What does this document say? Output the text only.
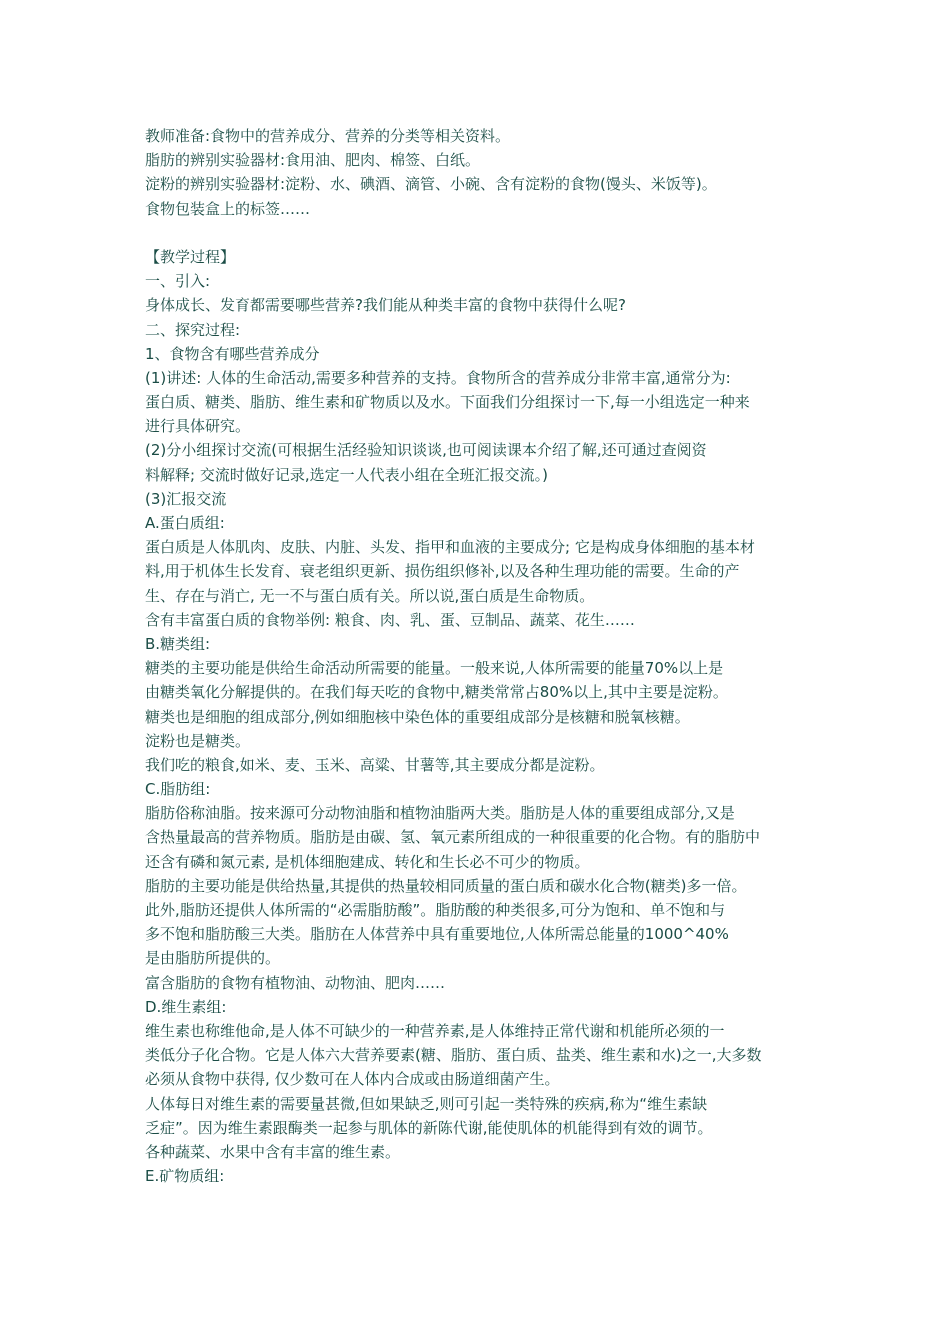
教师准备:食物中的营养成分、营养的分类等相关资料。
脂肪的辨别实验器材:食用油、肥肉、棉签、白纸。
淀粉的辨别实验器材:淀粉、水、碘酒、滴管、小碗、含有淀粉的食物(馒头、米饭等)。
食物包装盒上的标签……
【教学过程】
一、引入:
身体成长、发育都需要哪些营养?我们能从种类丰富的食物中获得什么呢?
二、探究过程:
1、食物含有哪些营养成分
(1)讲述: 人体的生命活动,需要多种营养的支持。食物所含的营养成分非常丰富,通常分为:
蛋白质、糖类、脂肪、维生素和矿物质以及水。下面我们分组探讨一下,每一小组选定一种来
进行具体研究。
(2)分小组探讨交流(可根据生活经验知识谈谈,也可阅读课本介绍了解,还可通过查阅资
料解释; 交流时做好记录,选定一人代表小组在全班汇报交流。)
(3)汇报交流
A.蛋白质组:
蛋白质是人体肌肉、皮肤、内脏、头发、指甲和血液的主要成分; 它是构成身体细胞的基本材
料,用于机体生长发育、衰老组织更新、损伤组织修补,以及各种生理功能的需要。生命的产
生、存在与消亡, 无一不与蛋白质有关。所以说,蛋白质是生命物质。
含有丰富蛋白质的食物举例: 粮食、肉、乳、蛋、豆制品、蔬菜、花生……
B.糖类组:
糖类的主要功能是供给生命活动所需要的能量。一般来说,人体所需要的能量70%以上是
由糖类氧化分解提供的。在我们每天吃的食物中,糖类常常占80%以上,其中主要是淀粉。
糖类也是细胞的组成部分,例如细胞核中染色体的重要组成部分是核糖和脱氧核糖。
淀粉也是糖类。
我们吃的粮食,如米、麦、玉米、高粱、甘薯等,其主要成分都是淀粉。
C.脂肪组:
脂肪俗称油脂。按来源可分动物油脂和植物油脂两大类。脂肪是人体的重要组成部分,又是
含热量最高的营养物质。脂肪是由碳、氢、氧元素所组成的一种很重要的化合物。有的脂肪中
还含有磷和氮元素, 是机体细胞建成、转化和生长必不可少的物质。
脂肪的主要功能是供给热量,其提供的热量较相同质量的蛋白质和碳水化合物(糖类)多一倍。
此外,脂肪还提供人体所需的“必需脂肪酸”。脂肪酸的种类很多,可分为饱和、单不饱和与
多不饱和脂肪酸三大类。脂肪在人体营养中具有重要地位,人体所需总能量的1000^40%
是由脂肪所提供的。
富含脂肪的食物有植物油、动物油、肥肉……
D.维生素组:
维生素也称维他命,是人体不可缺少的一种营养素,是人体维持正常代谢和机能所必须的一
类低分子化合物。它是人体六大营养要素(糖、脂肪、蛋白质、盐类、维生素和水)之一,大多数
必须从食物中获得, 仅少数可在人体内合成或由肠道细菌产生。
人体每日对维生素的需要量甚微,但如果缺乏,则可引起一类特殊的疾病,称为“维生素缺
乏症”。因为维生素跟酶类一起参与肌体的新陈代谢,能使肌体的机能得到有效的调节。
各种蔬菜、水果中含有丰富的维生素。
E.矿物质组:
